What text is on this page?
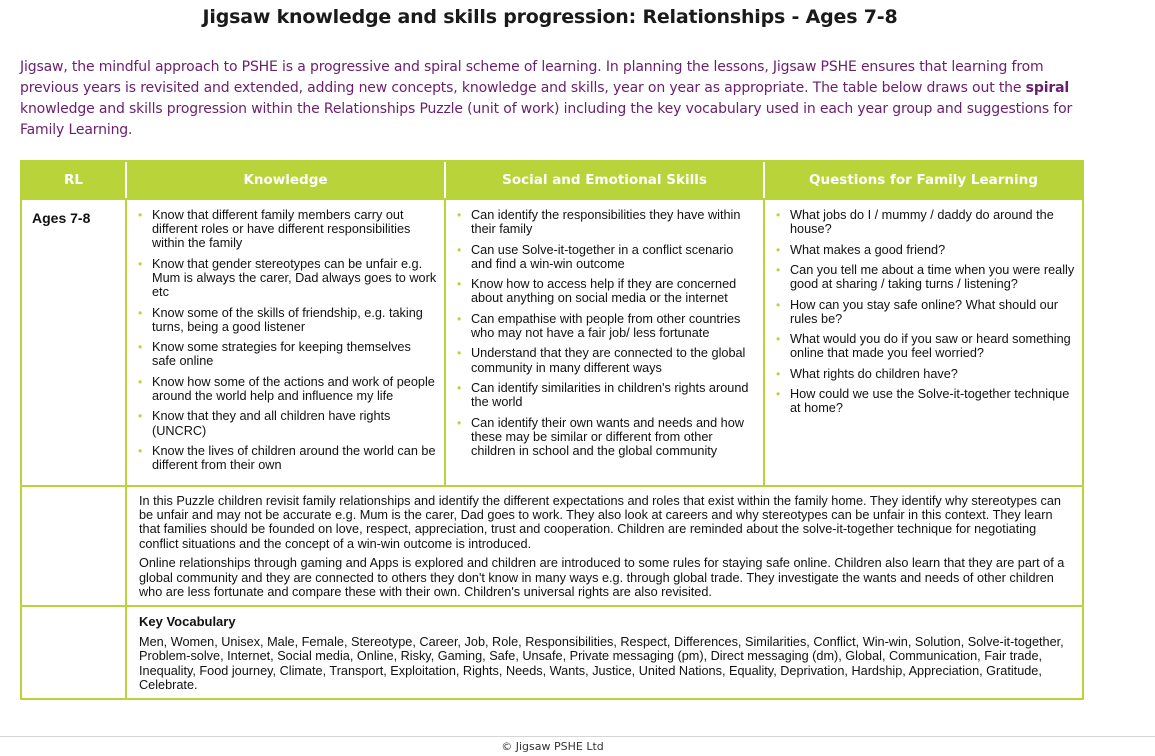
Jigsaw knowledge and skills progression: Relationships - Ages 7-8
Jigsaw, the mindful approach to PSHE is a progressive and spiral scheme of learning. In planning the lessons, Jigsaw PSHE ensures that learning from previous years is revisited and extended, adding new concepts, knowledge and skills, year on year as appropriate. The table below draws out the spiral knowledge and skills progression within the Relationships Puzzle (unit of work) including the key vocabulary used in each year group and suggestions for Family Learning.
RL	Knowledge	Social and Emotional Skills	Questions for Family Learning
Ages 7-8
•	Know that different family members carry out different roles or have different responsibilities within the family
• Know that gender stereotypes can be unfair e.g. Mum is always the carer, Dad always goes to work etc
• Know some of the skills of friendship, e.g. taking turns, being a good listener
• Know some strategies for keeping themselves safe online
• Know how some of the actions and work of people around the world help and influence my life
• Know that they and all children have rights (UNCRC)
• Know the lives of children around the world can be different from their own
• Can identify the responsibilities they have within their family
• Can use Solve-it-together in a conflict scenario and find a win-win outcome
• Know how to access help if they are concerned about anything on social media or the internet
• Can empathise with people from other countries who may not have a fair job/ less fortunate
• Understand that they are connected to the global community in many different ways
• Can identify similarities in children's rights around the world
• Can identify their own wants and needs and how these may be similar or different from other children in school and the global community
• What jobs do I / mummy / daddy do around the house?
• What makes a good friend?
• Can you tell me about a time when you were really good at sharing / taking turns / listening?
• How can you stay safe online? What should our rules be?
• What would you do if you saw or heard something online that made you feel worried?
• What rights do children have?
• How could we use the Solve-it-together technique at home?

In this Puzzle children revisit family relationships and identify the different expectations and roles that exist within the family home. They identify why stereotypes can be unfair and may not be accurate e.g. Mum is the carer, Dad goes to work. They also look at careers and why stereotypes can be unfair in this context. They learn that families should be founded on love, respect, appreciation, trust and cooperation. Children are reminded about the solve-it-together technique for negotiating conflict situations and the concept of a win-win outcome is introduced.

Online relationships through gaming and Apps is explored and children are introduced to some rules for staying safe online. Children also learn that they are part of a global community and they are connected to others they don't know in many ways e.g. through global trade. They investigate the wants and needs of other children who are less fortunate and compare these with their own. Children's universal rights are also revisited.

Key Vocabulary
Men, Women, Unisex, Male, Female, Stereotype, Career, Job, Role, Responsibilities, Respect, Differences, Similarities, Conflict, Win-win, Solution, Solve-it-together, Problem-solve, Internet, Social media, Online, Risky, Gaming, Safe, Unsafe, Private messaging (pm), Direct messaging (dm), Global, Communication, Fair trade, Inequality, Food journey, Climate, Transport, Exploitation, Rights, Needs, Wants, Justice, United Nations, Equality, Deprivation, Hardship, Appreciation, Gratitude, Celebrate.
© Jigsaw PSHE Ltd
